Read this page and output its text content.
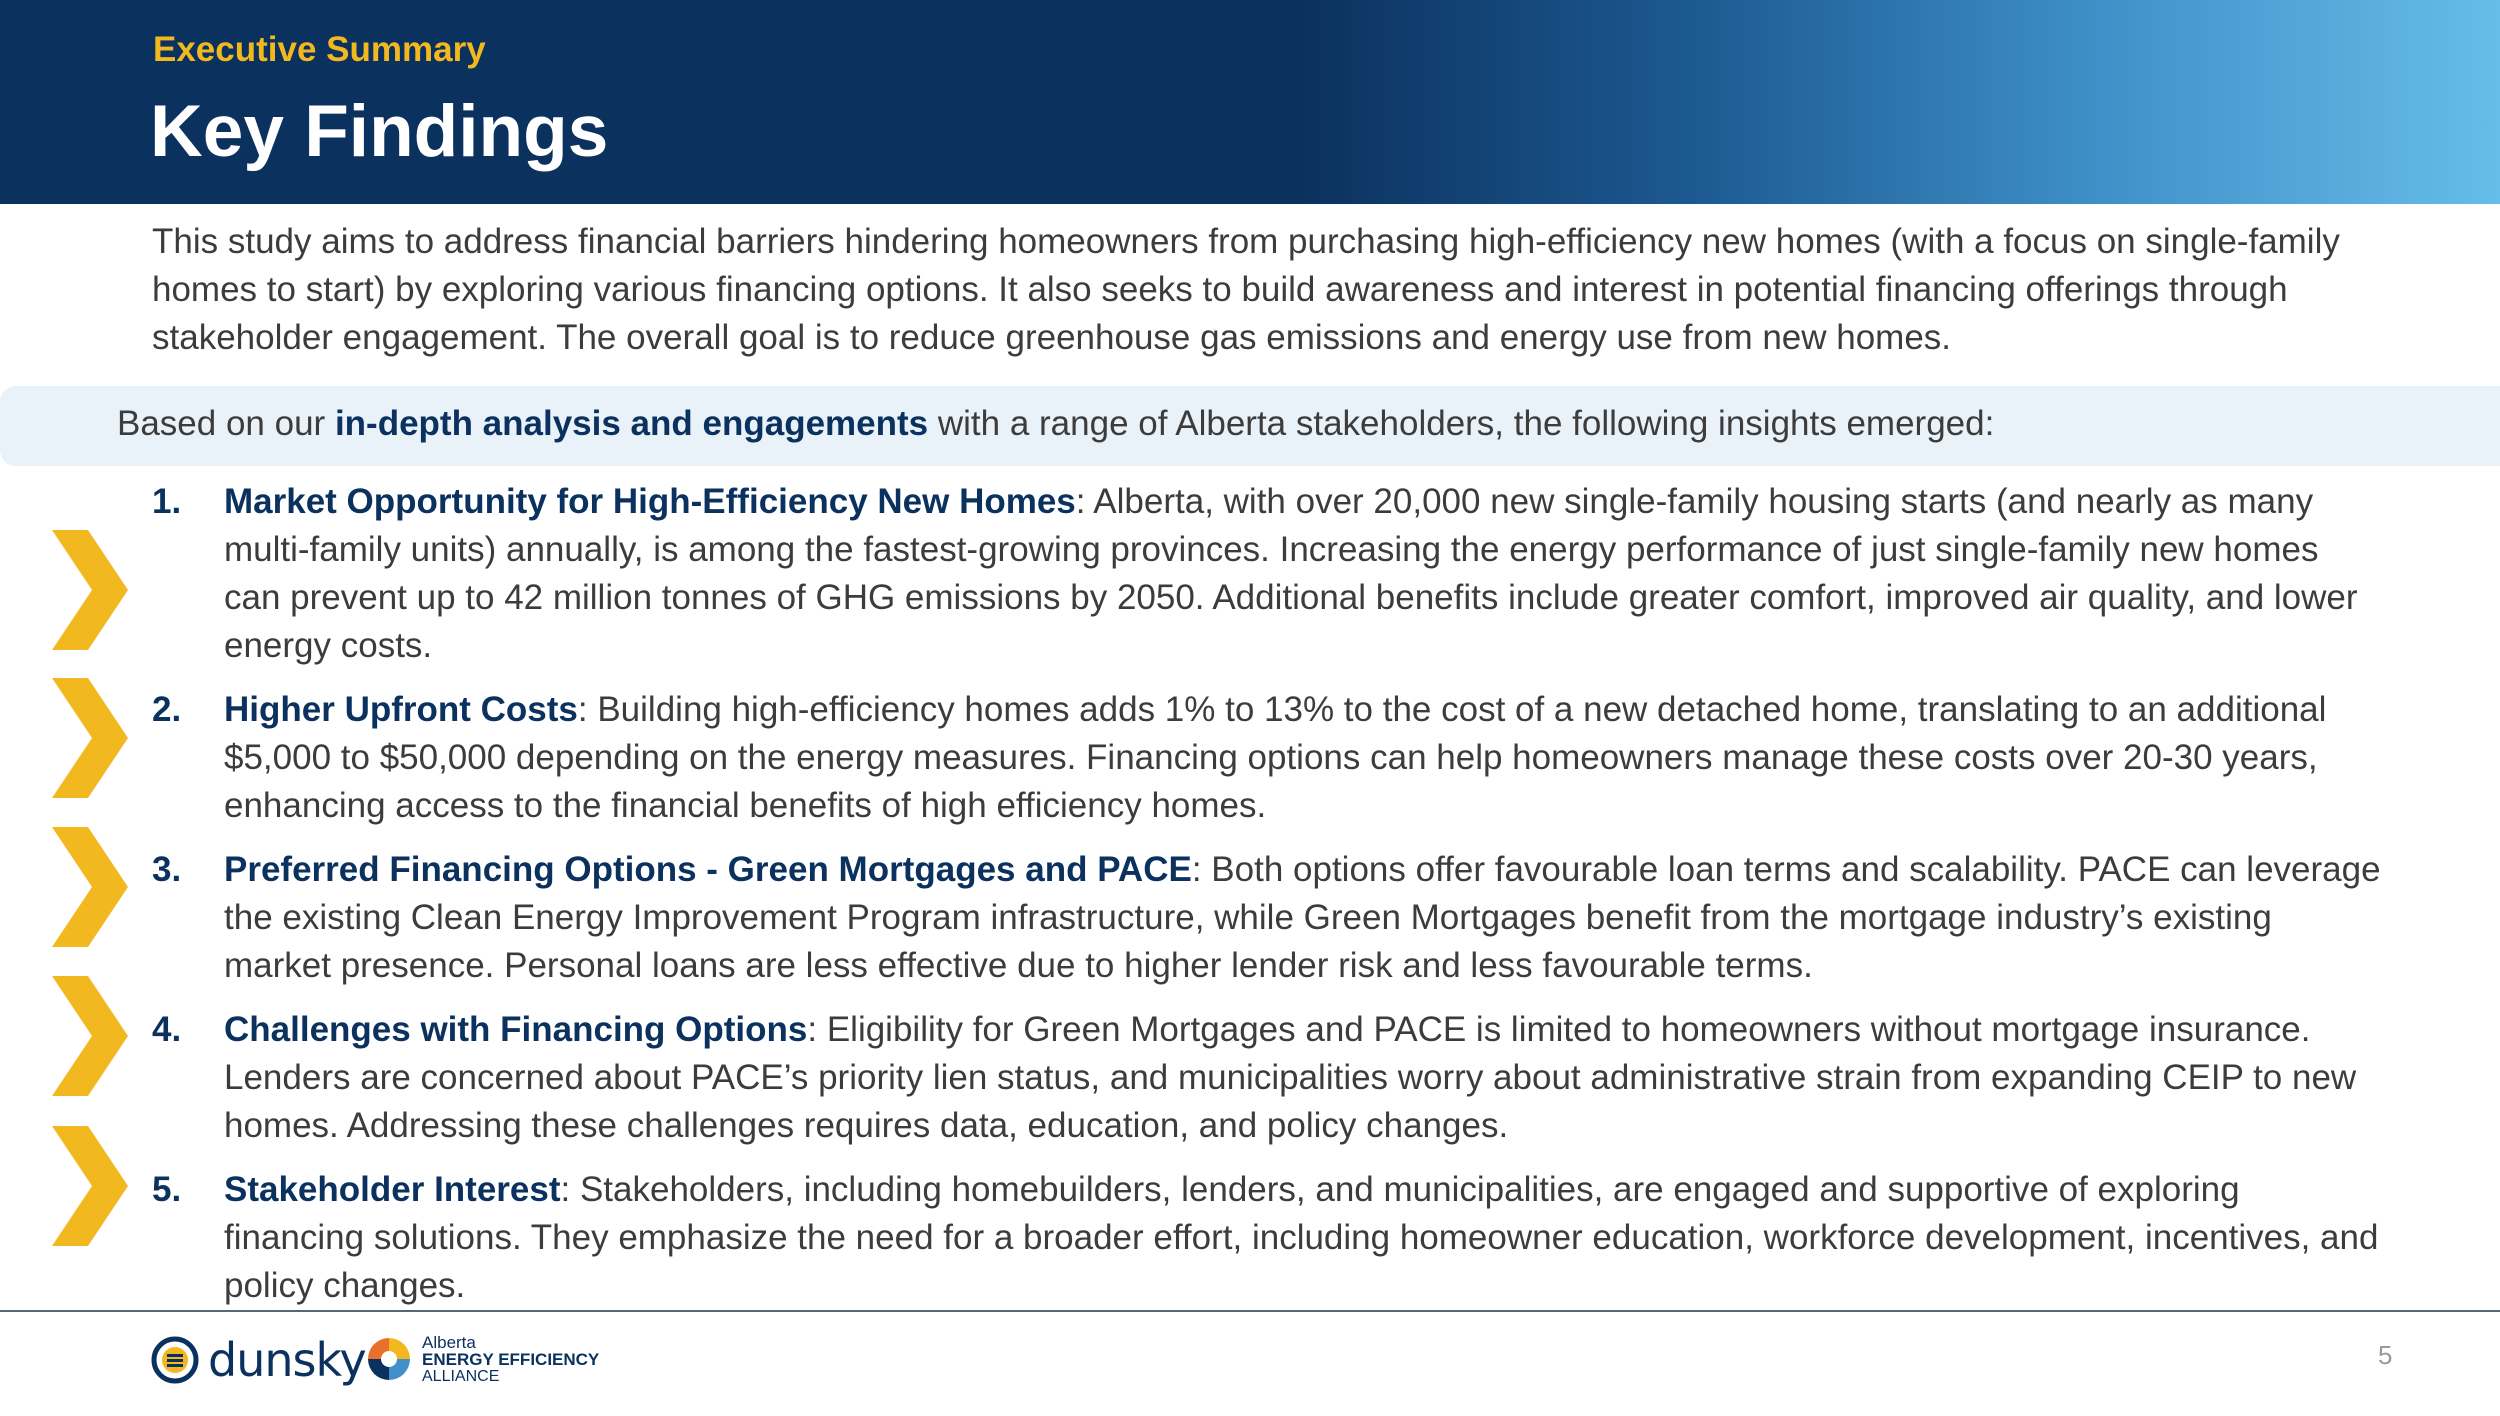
Executive Summary

Key Findings

This study aims to address financial barriers hindering homeowners from purchasing high-efficiency new homes (with a focus on single-family homes to start) by exploring various financing options. It also seeks to build awareness and interest in potential financing offerings through stakeholder engagement. The overall goal is to reduce greenhouse gas emissions and energy use from new homes.

Based on our in-depth analysis and engagements with a range of Alberta stakeholders, the following insights emerged:

1.	Market Opportunity for High-Efficiency New Homes: Alberta, with over 20,000 new single-family housing starts (and nearly as many multi-family units) annually, is among the fastest-growing provinces. Increasing the energy performance of just single-family new homes can prevent up to 42 million tonnes of GHG emissions by 2050. Additional benefits include greater comfort, improved air quality, and lower energy costs.

2.	Higher Upfront Costs: Building high-efficiency homes adds 1% to 13% to the cost of a new detached home, translating to an additional $5,000 to $50,000 depending on the energy measures. Financing options can help homeowners manage these costs over 20-30 years, enhancing access to the financial benefits of high efficiency homes.

3.	Preferred Financing Options - Green Mortgages and PACE: Both options offer favourable loan terms and scalability. PACE can leverage the existing Clean Energy Improvement Program infrastructure, while Green Mortgages benefit from the mortgage industry’s existing market presence. Personal loans are less effective due to higher lender risk and less favourable terms.

4.	Challenges with Financing Options: Eligibility for Green Mortgages and PACE is limited to homeowners without mortgage insurance. Lenders are concerned about PACE’s priority lien status, and municipalities worry about administrative strain from expanding CEIP to new homes. Addressing these challenges requires data, education, and policy changes.

5.	Stakeholder Interest: Stakeholders, including homebuilders, lenders, and municipalities, are engaged and supportive of exploring financing solutions. They emphasize the need for a broader effort, including homeowner education, workforce development, incentives, and policy changes.

dunsky	Alberta
ENERGY EFFICIENCY
ALLIANCE
5
